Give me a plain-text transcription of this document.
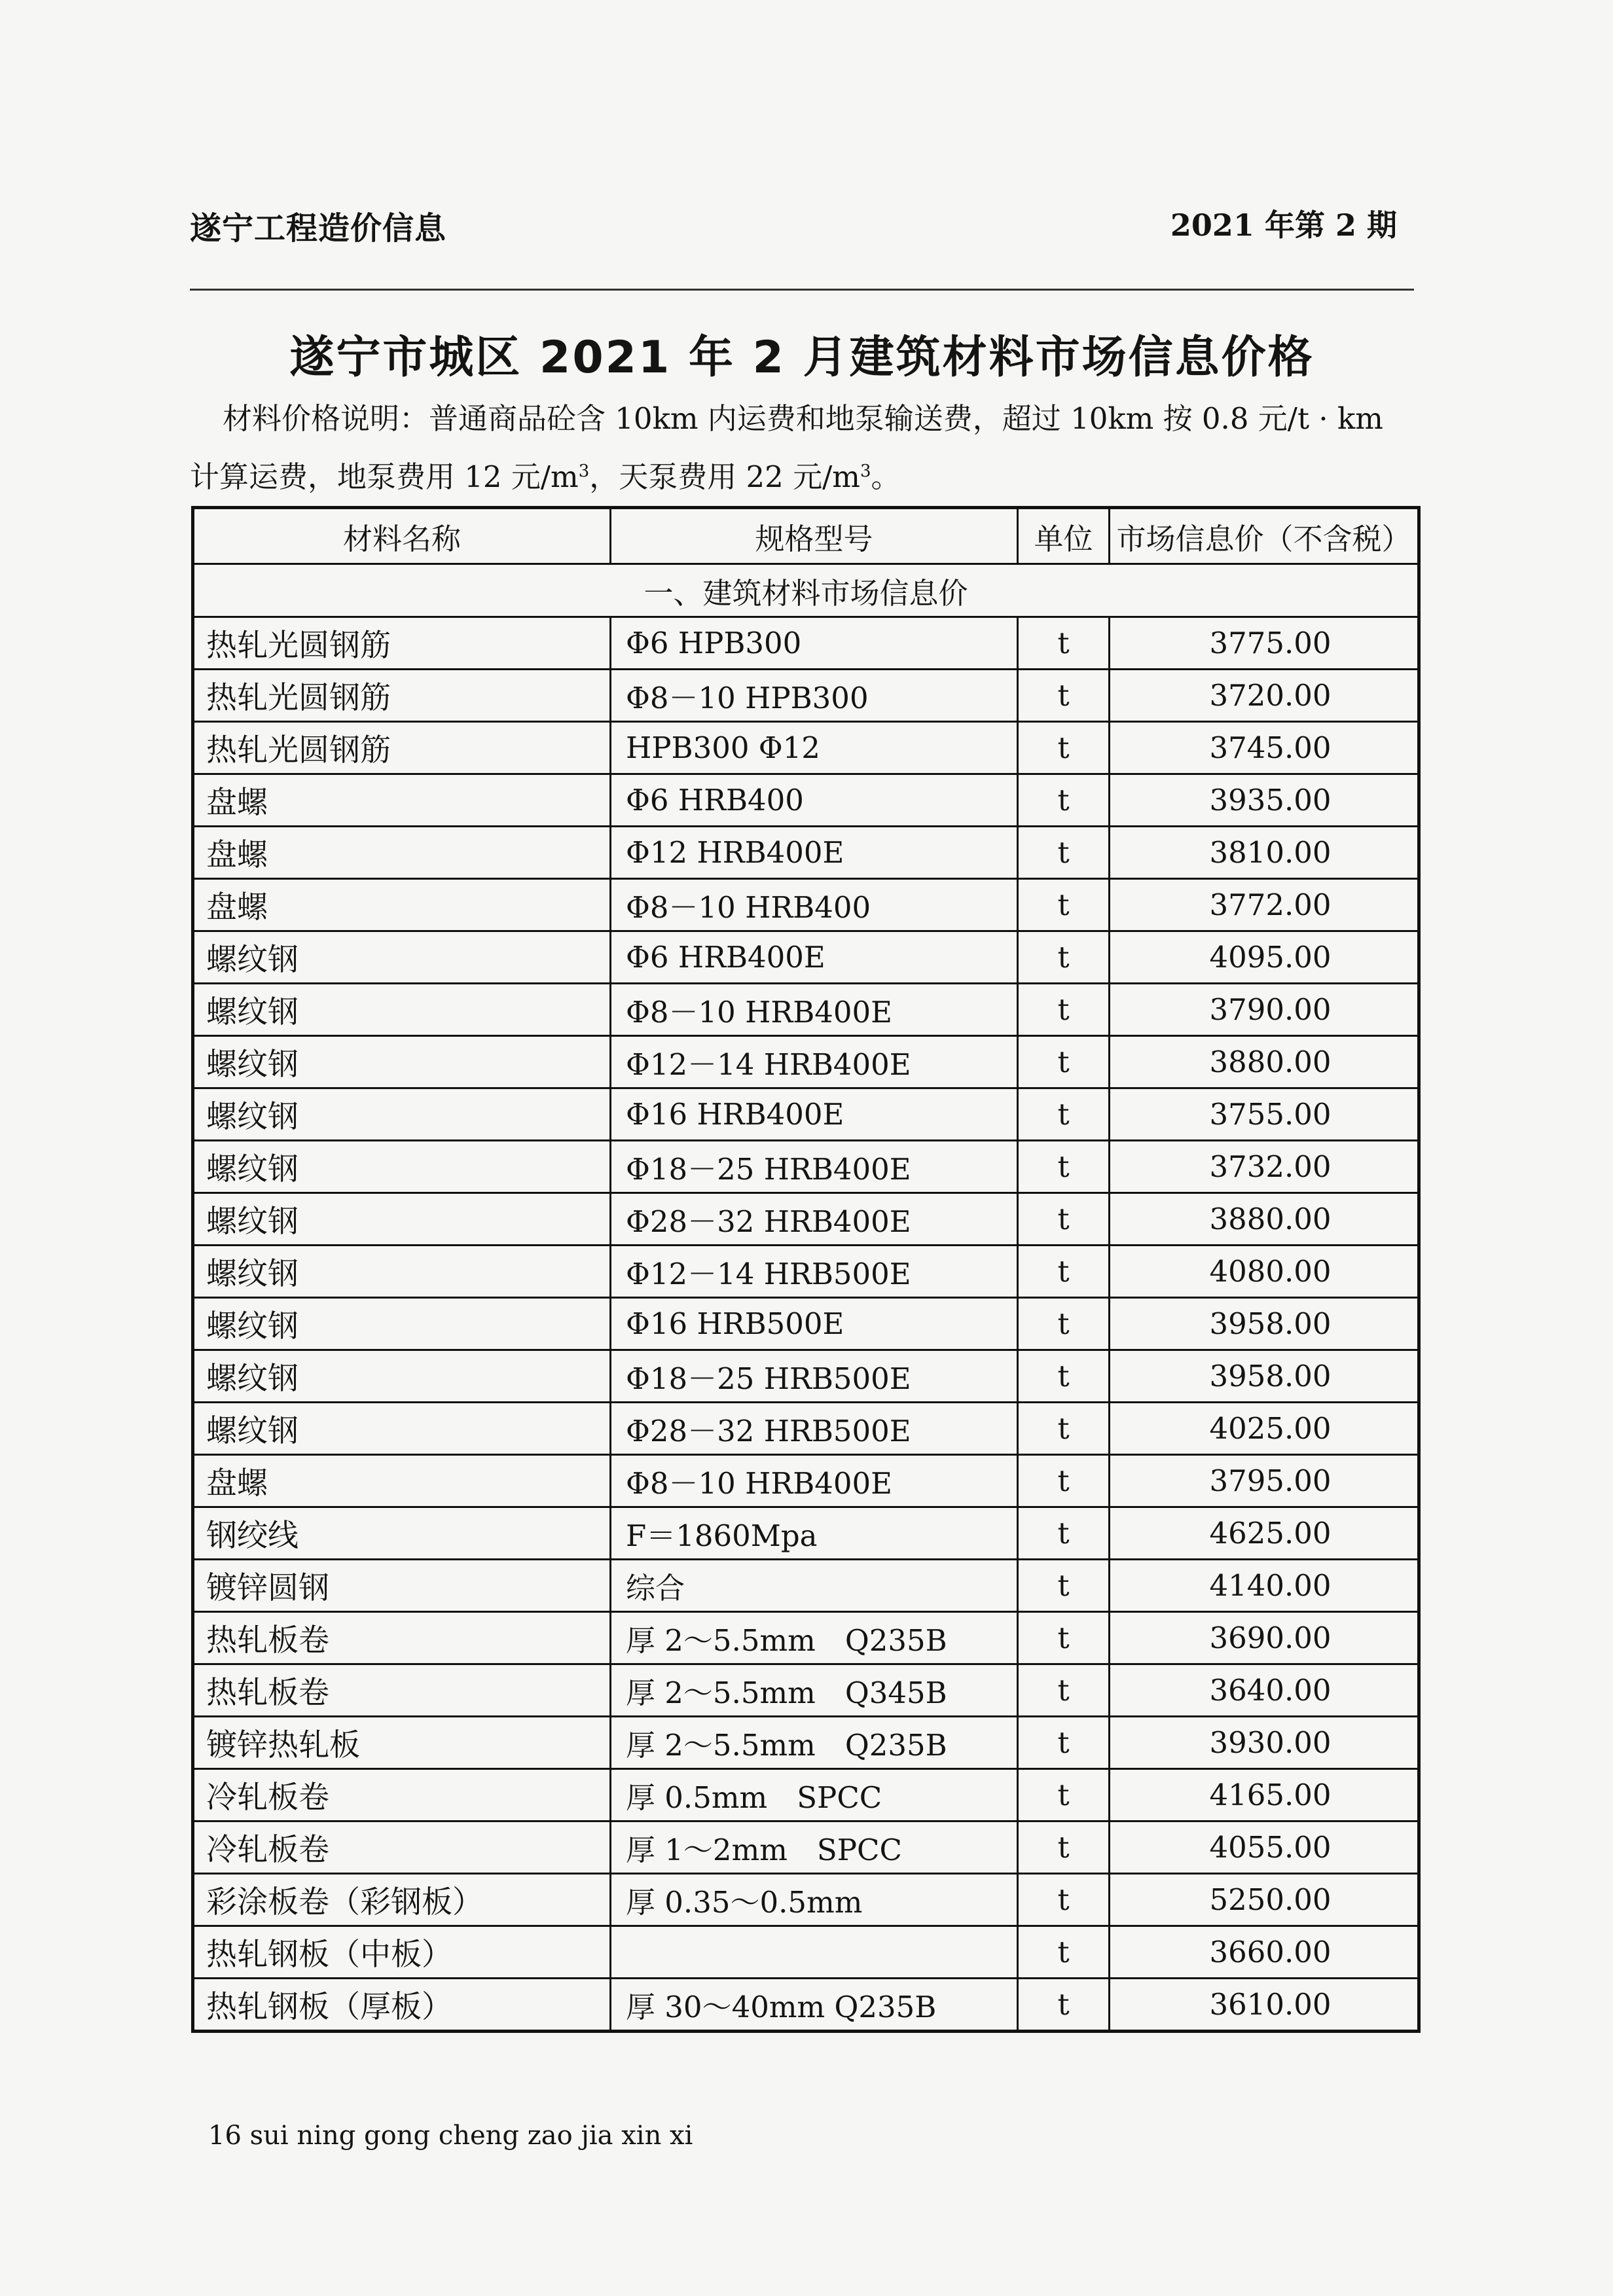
遂宁工程造价信息	2021 年第 2 期
遂宁市城区 2021 年 2 月建筑材料市场信息价格

材料价格说明：普通商品砼含 10km 内运费和地泵输送费，超过 10km 按 0.8 元/t · km

计算运费，地泵费用 12 元$/m^3$，天泵费用 22 元$/m^3$。

材料名称	规格型号	单位	市场信息价（不含税）
一、建筑材料市场信息价			
热轧光圆钢筋	Φ6 HPB300	t	3775.00
热轧光圆钢筋	Φ8－10 HPB300	t	3720.00
热轧光圆钢筋	HPB300 Φ12	t	3745.00
盘螺	Φ6 HRB400	t	3935.00
盘螺	Φ12 HRB400E	t	3810.00
盘螺	Φ8－10 HRB400	t	3772.00
螺纹钢	Φ6 HRB400E	t	4095.00
螺纹钢	Φ8－10 HRB400E	t	3790.00
螺纹钢	Φ12－14 HRB400E	t	3880.00
螺纹钢	Φ16 HRB400E	t	3755.00
螺纹钢	Φ18－25 HRB400E	t	3732.00
螺纹钢	Φ28－32 HRB400E	t	3880.00
螺纹钢	Φ12－14 HRB500E	t	4080.00
螺纹钢	Φ16 HRB500E	t	3958.00
螺纹钢	Φ18－25 HRB500E	t	3958.00
螺纹钢	Φ28－32 HRB500E	t	4025.00
盘螺	Φ8－10 HRB400E	t	3795.00
钢绞线	F＝1860Mpa	t	4625.00
镀锌圆钢	综合	t	4140.00
热轧板卷	厚 2～5.5mm　Q235B	t	3690.00
热轧板卷	厚 2～5.5mm　Q345B	t	3640.00
镀锌热轧板	厚 2～5.5mm　Q235B	t	3930.00
冷轧板卷	厚 0.5mm　SPCC	t	4165.00
冷轧板卷	厚 1～2mm　SPCC	t	4055.00
彩涂板卷（彩钢板）	厚 0.35～0.5mm	t	5250.00
热轧钢板（中板）		t	3660.00
热轧钢板（厚板）	厚 30～40mm Q235B	t	3610.00
16 sui ning gong cheng zao jia xin xi
